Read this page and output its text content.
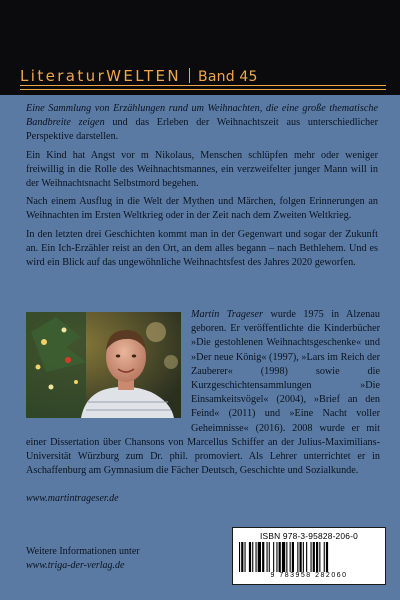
Literatur WELTEN Band 45

Eine Sammlung von Erzählungen rund um Weihnachten, die eine große thematische Bandbreite zeigen und das Erleben der Weihnachtszeit aus unterschiedlicher Perspektive darstellen.

Ein Kind hat Angst vor m Nikolaus, Menschen schlüpfen mehr oder weniger freiwillig in die Rolle des Weihnachtsmannes, ein verzweifelter junger Mann will in der Weihnachtsnacht Selbstmord begehen.

Nach einem Ausflug in die Welt der Mythen und Märchen, folgen Erinnerungen an Weihnachten im Ersten Weltkrieg oder in der Zeit nach dem Zweiten Weltkrieg.

In den letzten drei Geschichten kommt man in der Gegenwart und sogar der Zukunft an. Ein Ich-Erzähler reist an den Ort, an dem alles begann – nach Bethlehem. Und es wird ein Blick auf das ungewöhnliche Weihnachtsfest des Jahres 2020 geworfen.

Martin Trageser wurde 1975 in Alzenau geboren. Er veröffentlichte die Kinderbücher »Die gestohlenen Weihnachtsgeschenke« und »Der neue König« (1997), »Lars im Reich der Zauberer« (1998) sowie die Kurzgeschichtensammlungen »Die Einsamkeitsvögel« (2004), »Brief an den Feind« (2011) und »Eine Nacht voller Geheimnisse« (2016). 2008 wurde er mit einer Dissertation über Chansons von Marcellus Schiffer an der Julius-Maximilians-Universität Würzburg zum Dr. phil. promoviert. Als Lehrer unterrichtet er in Aschaffenburg am Gymnasium die Fächer Deutsch, Geschichte und Sozialkunde.
www.martintrageser.de
Weitere Informationen unter
www.triga-der-verlag.de
ISBN 978-3-95828-206-0
9 783958 282060
